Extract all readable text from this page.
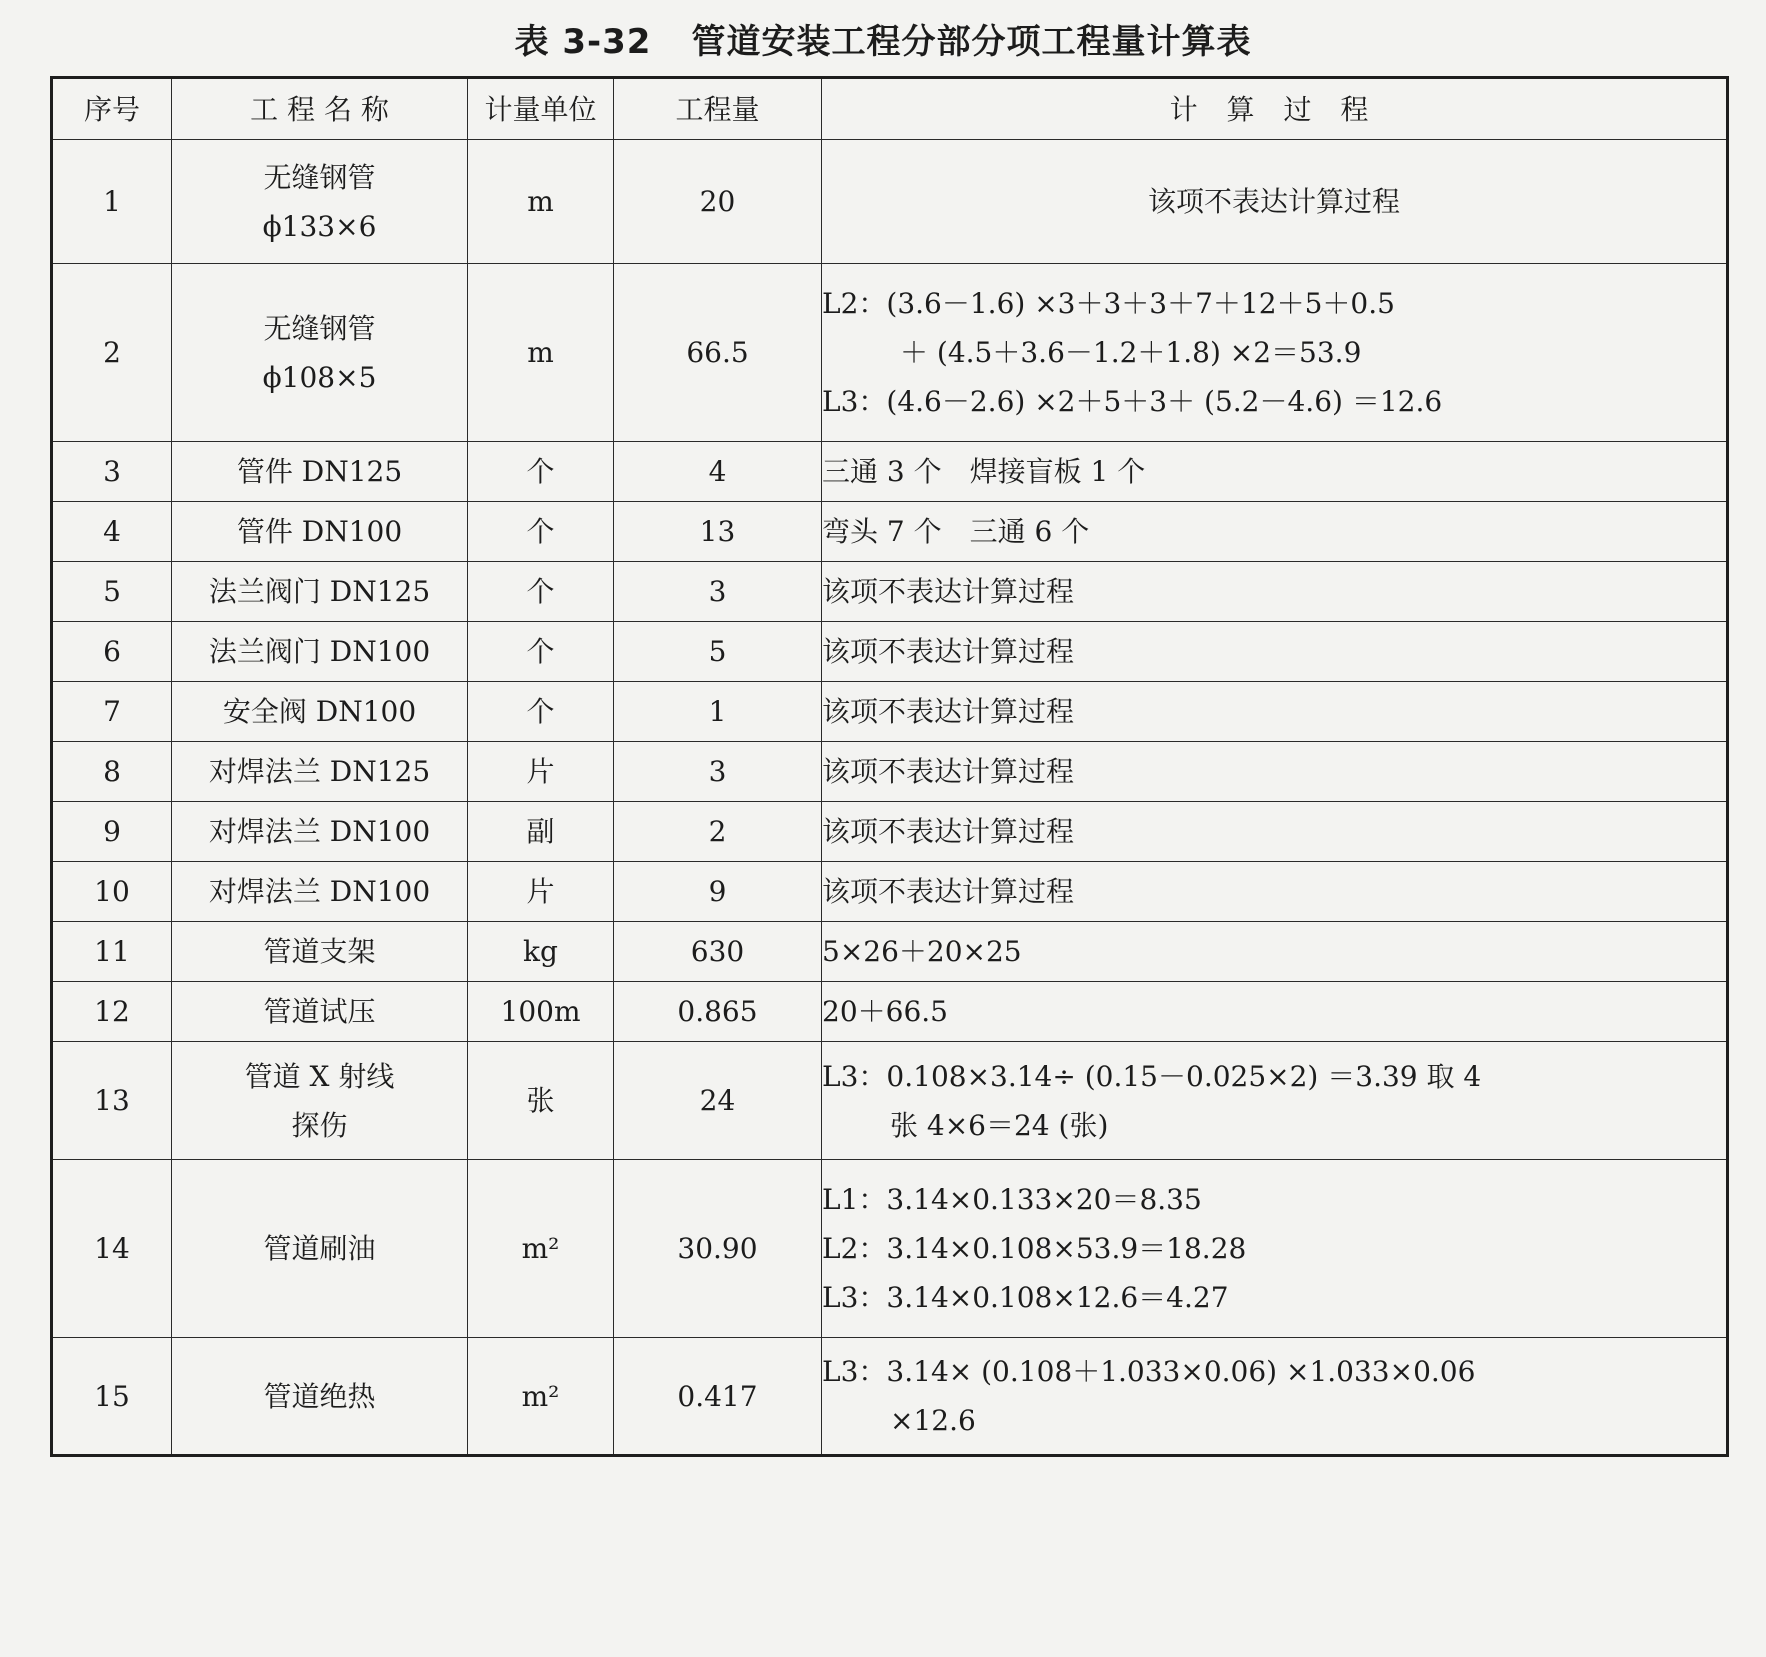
表 3-32 管道安装工程分部分项工程量计算表
序号	工 程 名 称	计量单位	工程量	计 算 过 程
1	无缝钢管
ϕ133×6	m	20	该项不表达计算过程

2	无缝钢管
ϕ108×5	m	66.5	L2：(3.6－1.6) ×3＋3＋3＋7＋12＋5＋0.5
＋ (4.5＋3.6－1.2＋1.8) ×2＝53.9
L3：(4.6－2.6) ×2＋5＋3＋ (5.2－4.6) ＝12.6

3	管件 DN125	个	4	三通 3 个　焊接盲板 1 个
4	管件 DN100	个	13	弯头 7 个　三通 6 个
5	法兰阀门 DN125	个	3	该项不表达计算过程
6	法兰阀门 DN100	个	5	该项不表达计算过程
7	安全阀 DN100	个	1	该项不表达计算过程
8	对焊法兰 DN125	片	3	该项不表达计算过程
9	对焊法兰 DN100	副	2	该项不表达计算过程
10	对焊法兰 DN100	片	9	该项不表达计算过程
11	管道支架	kg	630	5×26＋20×25
12	管道试压	100m	0.865	20＋66.5
13	管道 X 射线
探伤	张	24	L3：0.108×3.14÷ (0.15－0.025×2) ＝3.39 取 4
张 4×6＝24 (张)

14	管道刷油	m²	30.90	L1：3.14×0.133×20＝8.35
L2：3.14×0.108×53.9＝18.28
L3：3.14×0.108×12.6＝4.27

15	管道绝热	m²	0.417	L3：3.14× (0.108＋1.033×0.06) ×1.033×0.06
×12.6
